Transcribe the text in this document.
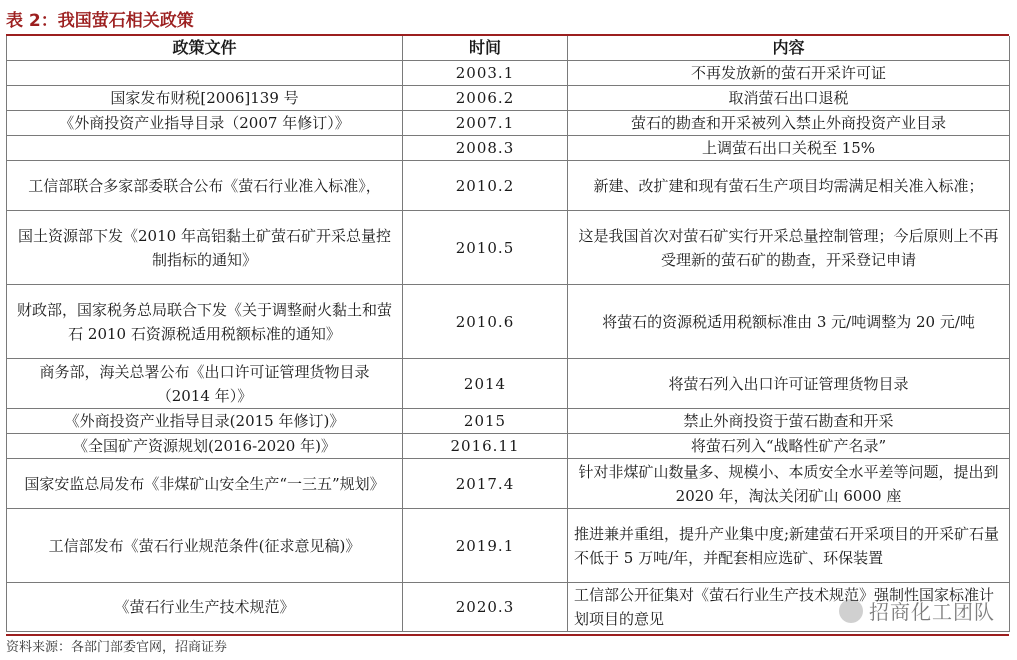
表 2：我国萤石相关政策
政策文件	时间	内容
	2003.1	不再发放新的萤石开采许可证
国家发布财税[2006]139 号	2006.2	取消萤石出口退税
《外商投资产业指导目录（2007 年修订）》	2007.1	萤石的勘查和开采被列入禁止外商投资产业目录
	2008.3	上调萤石出口关税至 15%
工信部联合多家部委联合公布《萤石行业准入标准》，	2010.2	新建、改扩建和现有萤石生产项目均需满足相关准入标准；
国土资源部下发《2010 年高铝黏土矿萤石矿开采总量控制指标的通知》	2010.5	这是我国首次对萤石矿实行开采总量控制管理；今后原则上不再受理新的萤石矿的勘查，开采登记申请
财政部，国家税务总局联合下发《关于调整耐火黏土和萤石 2010 石资源税适用税额标准的通知》	2010.6	将萤石的资源税适用税额标准由 3 元/吨调整为 20 元/吨
商务部，海关总署公布《出口许可证管理货物目录（2014 年）》	2014	将萤石列入出口许可证管理货物目录
《外商投资产业指导目录(2015 年修订)》	2015	禁止外商投资于萤石勘查和开采
《全国矿产资源规划(2016-2020 年)》	2016.11	将萤石列入“战略性矿产名录”
国家安监总局发布《非煤矿山安全生产“一三五”规划》	2017.4	针对非煤矿山数量多、规模小、本质安全水平差等问题，提出到 2020 年，淘汰关闭矿山 6000 座
工信部发布《萤石行业规范条件(征求意见稿)》	2019.1	推进兼并重组，提升产业集中度;新建萤石开采项目的开采矿石量不低于 5 万吨/年，并配套相应选矿、环保装置
《萤石行业生产技术规范》	2020.3	工信部公开征集对《萤石行业生产技术规范》强制性国家标准计划项目的意见
资料来源：各部门部委官网，招商证券
招商化工团队
